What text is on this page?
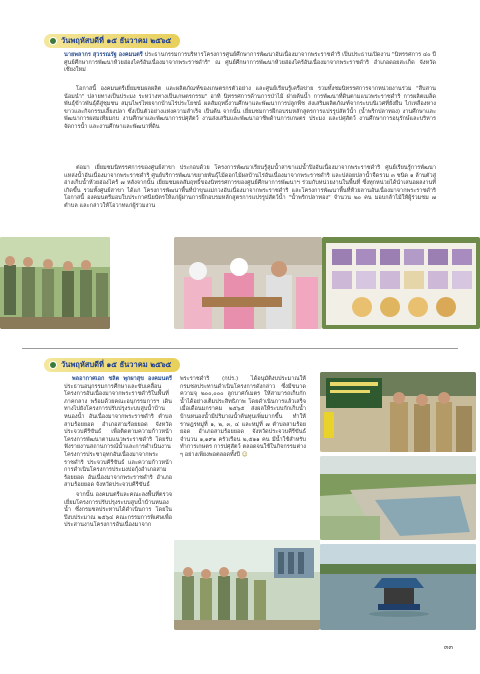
วันพฤหัสบดีที่ ๑๕ ธันวาคม ๒๕๖๕

นายพลากร สุวรรณรัฐ องคมนตรี ประธานกรรมการบริหารโครงการศูนย์ศึกษาการพัฒนาอันเนื่องมาจากพระราชดำริ เป็นประธานเปิดงาน "นิทรรศการ ๔๐ ปี ศูนย์ศึกษาการพัฒนาห้วยฮ่องไคร้อันเนื่องมาจากพระราชดำริ" ณ ศูนย์ศึกษาการพัฒนาห้วยฮ่องไคร้อันเนื่องมาจากพระราชดำริ อำเภอดอยสะเก็ด จังหวัดเชียงใหม่

โอกาสนี้ องคมนตรีเยี่ยมชมผลผลิต และผลิตภัณฑ์ของเกษตรกรตัวอย่าง และศูนย์เรียนรู้เครือข่าย รวมทั้งชมนิทรรศการจากหน่วยงานร่วม "สืบสานน้อมนำ" ปลายทางเป็นประมง ระหว่างทางเป็นเกษตรกรรม" อาทิ นิทรรศการด้านการป่าไม้ ฝ่ายต้นน้ำ การพัฒนาที่ดินตามแนวพระราชดำริ การผลิตเมล็ดพันธุ์ข้าวพันธุ์ดีสู่ชุมชน สมุนไพรไทยจากบ้านไร่ประโยชน์ ผลสัมฤทธิ์งานศึกษาและพัฒนาการปลูกพืช ส่งเสริมผลิตภัณฑ์จากระบบนิเวศที่ยั่งยืน ไก่เหลืองหางขาวและกิจกรรมเลี้ยงปลา ซึ่งเป็นตัวอย่างแห่งความสำเร็จ เป็นต้น จากนั้น เยี่ยมชมการฝึกอบรมหลักสูตรการแปรรูปสัตว์น้ำ (น้ำพริกปลาทอง) งานศึกษาและพัฒนาการผสมเทียมกบ งานศึกษาและพัฒนาการปศุสัตว์ งานส่งเสริมและพัฒนาอาชีพด้านการเกษตร ประมง และปศุสัตว์ งานศึกษาการอนุรักษ์และบริหารจัดการน้ำ และงานศึกษาและพัฒนาที่ดิน

ต่อมา เยี่ยมชมนิทรรศการของศูนย์สาขา ประกอบด้วย โครงการพัฒนาเรียนรู้ลุ่มน้ำสาขาแม่น้ำปิงอันเนื่องมาจากพระราชดำริ ศูนย์เรียนรู้การพัฒนาแหล่งน้ำอันเนื่องมาจากพระราชดำริ ศูนย์บริการพัฒนาขยายพันธุ์ไม้ดอกไม้ผลบ้านไร่อันเนื่องมาจากพระราชดำริ และปล่อยปลาน้ำจืดรวม ๓ ชนิด ๑ ล้านตัวสู่อ่างเก็บน้ำห้วยฮ่องไคร้ ๗ หลังจากนั้น เยี่ยมชมผลสัมฤทธิ์ของนิทรรศการของศูนย์ศึกษาการพัฒนาฯ ร่วมกับหน่วยงานในพื้นที่ ซึ่งทุกหน่วยได้นำเสนอผลงานที่เกิดขึ้น รวมทั้งศูนย์สาขา ได้แก่ โครงการพัฒนาพื้นที่ป่าขุนแม่กวงอันเนื่องมาจากพระราชดำริ และโครงการพัฒนาพื้นที่ห้วยลานอันเนื่องมาจากพระราชดำริ โอกาสนี้ องคมนตรีมอบใบประกาศนียบัตรให้แก่ผู้ผ่านการฝึกอบรมหลักสูตรการแปรรูปสัตว์น้ำ "น้ำพริกปลาทอง" จำนวน ๒๐ คน มอบกล้าไม้ให้ผู้ร่วมชม ๗ ตำบล และกล่าวให้โอวาทแก่ผู้ร่วมงาน

วันพฤหัสบดีที่ ๑๕ ธันวาคม ๒๕๖๕

พลอากาศเอก ชลิต พุกผาสุข องคมนตรี ประธานอนุกรรมการศึกษาและขับเคลื่อนโครงการอันเนื่องมาจากพระราชดำริในพื้นที่ภาคกลาง พร้อมด้วยคณะอนุกรรมการฯ เดินทางไปยังโครงการปรับปรุงระบบสูบน้ำบ้านหนองน้ำ อันเนื่องมาจากพระราชดำริ ตำบลสามร้อยยอด อำเภอสามร้อยยอด จังหวัดประจวบคีรีขันธ์ เพื่อติดตามความก้าวหน้าโครงการพัฒนาตามแนวพระราชดำริ โดยรับฟังรายงานสถานการณ์น้ำและการดำเนินงานโครงการประชาอุทกอันเนื่องมาจากพระราชดำริ ประจวบคีรีขันธ์ และความก้าวหน้าการดำเนินโครงการประมงบ่อกุ้งอำเภอสามร้อยยอด อันเนื่องมาจากพระราชดำริ อำเภอสามร้อยยอด จังหวัดประจวบคีรีขันธ์

จากนั้น องคมนตรีและคณะลงพื้นที่ตรวจเยี่ยมโครงการปรับปรุงระบบสูบน้ำบ้านหนองน้ำ ซึ่งกรมชลประทานได้ดำเนินการ โดยในปีงบประมาณ ๒๕๖๔ คณะกรรมการพิเศษเพื่อประสานงานโครงการอันเนื่องมาจาก

พระราชดำริ (กปร.) ได้อนุมัติงบประมาณให้กรมชลประทานดำเนินโครงการดังกล่าว ซึ่งมีขนาดความจุ ๒๐๐,๐๐๐ ลูกบาศก์เมตร ให้สามารถเก็บกักน้ำได้อย่างเต็มประสิทธิภาพ โดยดำเนินการแล้วเสร็จเมื่อเดือนมกราคม ๒๕๖๕ ส่งผลให้ระบบกักเก็บน้ำบ้านหนองน้ำมีปริมาณน้ำต้นทุนเพิ่มมากขึ้น ทำให้ราษฎรหมู่ที่ ๑, ๒, ๓, ๔ และหมู่ที่ ๗ ตำบลสามร้อยยอด อำเภอสามร้อยยอด จังหวัดประจวบคีรีขันธ์ จำนวน ๑,๑๙๑ ครัวเรือน ๒,๕๑๑ คน มีน้ำใช้สำหรับทำการเกษตร การปศุสัตว์ ตลอดจนใช้ในกิจกรรมต่าง ๆ อย่างเพียงพอตลอดทั้งปี ☺

๓๓
